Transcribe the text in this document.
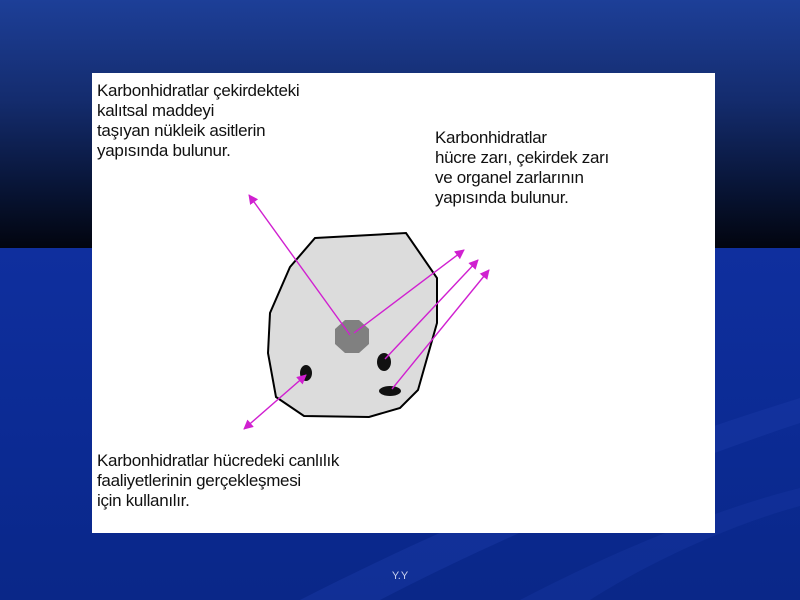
Karbonhidratlar çekirdekteki
kalıtsal maddeyi
taşıyan nükleik asitlerin
yapısında bulunur.
Karbonhidratlar
hücre zarı, çekirdek zarı
ve organel zarlarının
yapısında bulunur.
Karbonhidratlar hücredeki canlılık
faaliyetlerinin gerçekleşmesi
için kullanılır.
Y.Y
